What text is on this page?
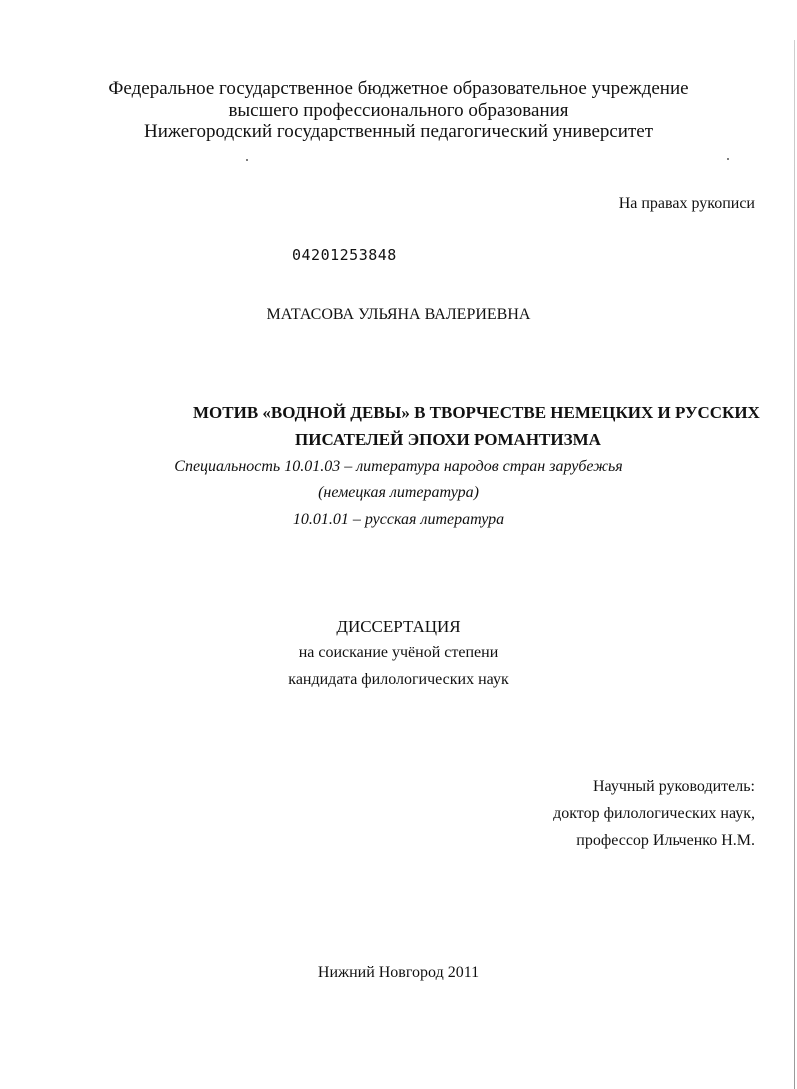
Федеральное государственное бюджетное образовательное учреждение
высшего профессионального образования
Нижегородский государственный педагогический университет
На правах рукописи
04201253848
МАТАСОВА УЛЬЯНА ВАЛЕРИЕВНА
МОТИВ «ВОДНОЙ ДЕВЫ» В ТВОРЧЕСТВЕ НЕМЕЦКИХ И РУССКИХ
ПИСАТЕЛЕЙ ЭПОХИ РОМАНТИЗМА
Специальность 10.01.03 – литература народов стран зарубежья
(немецкая литература)
10.01.01 – русская литература
ДИССЕРТАЦИЯ
на соискание учёной степени
кандидата филологических наук
Научный руководитель:
доктор филологических наук,
профессор Ильченко Н.М.
Нижний Новгород 2011
